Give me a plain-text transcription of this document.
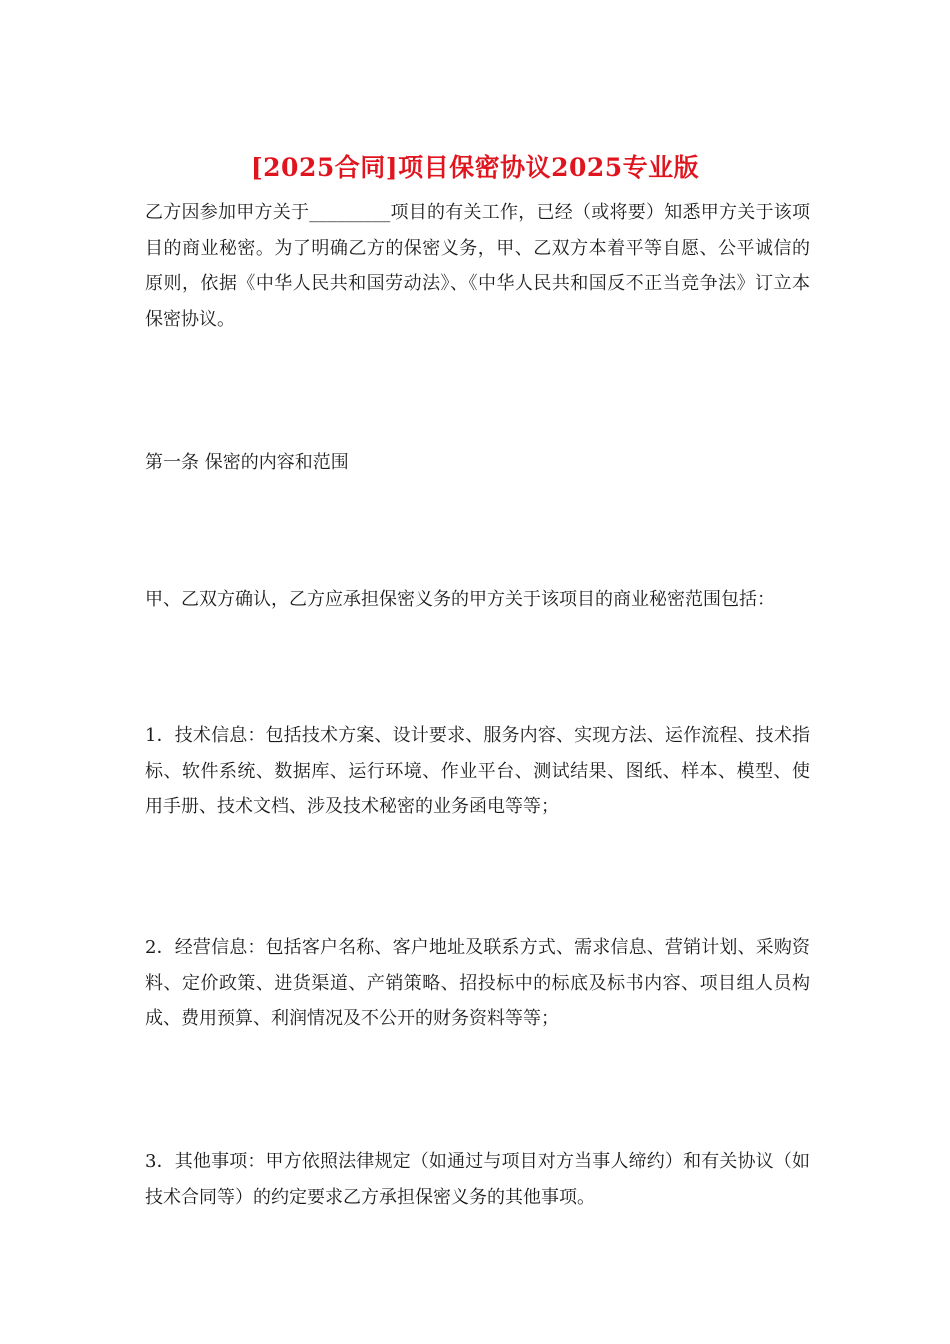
[2025合同]项目保密协议2025专业版
乙方因参加甲方关于_________项目的有关工作，已经（或将要）知悉甲方关于该项目的商业秘密。为了明确乙方的保密义务，甲、乙双方本着平等自愿、公平诚信的原则，依据《中华人民共和国劳动法》、《中华人民共和国反不正当竞争法》订立本保密协议。
第一条 保密的内容和范围
甲、乙双方确认，乙方应承担保密义务的甲方关于该项目的商业秘密范围包括：
1．技术信息：包括技术方案、设计要求、服务内容、实现方法、运作流程、技术指标、软件系统、数据库、运行环境、作业平台、测试结果、图纸、样本、模型、使用手册、技术文档、涉及技术秘密的业务函电等等；
2．经营信息：包括客户名称、客户地址及联系方式、需求信息、营销计划、采购资料、定价政策、进货渠道、产销策略、招投标中的标底及标书内容、项目组人员构成、费用预算、利润情况及不公开的财务资料等等；
3．其他事项：甲方依照法律规定（如通过与项目对方当事人缔约）和有关协议（如技术合同等）的约定要求乙方承担保密义务的其他事项。
